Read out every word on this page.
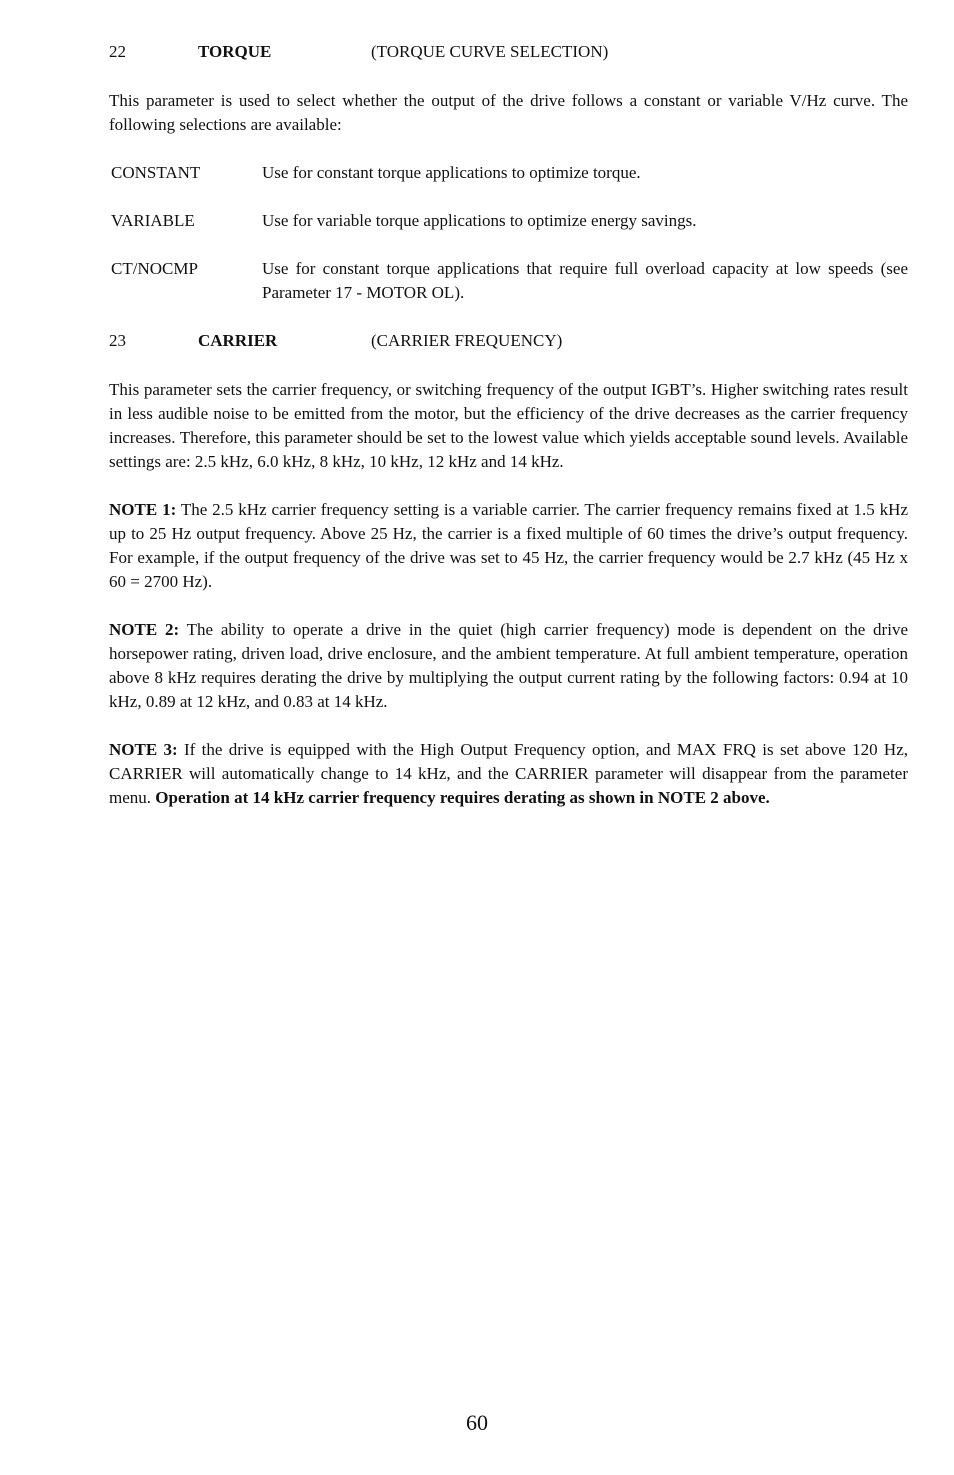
22	TORQUE	(TORQUE CURVE SELECTION)

This parameter is used to select whether the output of the drive follows a constant or variable V/Hz curve. The following selections are available:

CONSTANT	Use for constant torque applications to optimize torque.
VARIABLE	Use for variable torque applications to optimize energy savings.
CT/NOCMP	Use for constant torque applications that require full overload capacity at low speeds (see Parameter 17 - MOTOR OL).
23	CARRIER	(CARRIER FREQUENCY)

This parameter sets the carrier frequency, or switching frequency of the output IGBT’s. Higher switching rates result in less audible noise to be emitted from the motor, but the efficiency of the drive decreases as the carrier frequency increases. Therefore, this parameter should be set to the lowest value which yields acceptable sound levels. Available settings are: 2.5 kHz, 6.0 kHz, 8 kHz, 10 kHz, 12 kHz and 14 kHz.

NOTE 1: The 2.5 kHz carrier frequency setting is a variable carrier. The carrier frequency remains fixed at 1.5 kHz up to 25 Hz output frequency. Above 25 Hz, the carrier is a fixed multiple of 60 times the drive’s output frequency. For example, if the output frequency of the drive was set to 45 Hz, the carrier frequency would be 2.7 kHz (45 Hz x 60 = 2700 Hz).

NOTE 2: The ability to operate a drive in the quiet (high carrier frequency) mode is dependent on the drive horsepower rating, driven load, drive enclosure, and the ambient temperature. At full ambient temperature, operation above 8 kHz requires derating the drive by multiplying the output current rating by the following factors: 0.94 at 10 kHz, 0.89 at 12 kHz, and 0.83 at 14 kHz.

NOTE 3: If the drive is equipped with the High Output Frequency option, and MAX FRQ is set above 120 Hz, CARRIER will automatically change to 14 kHz, and the CARRIER parameter will disappear from the parameter menu. Operation at 14 kHz carrier frequency requires derating as shown in NOTE 2 above.

60
